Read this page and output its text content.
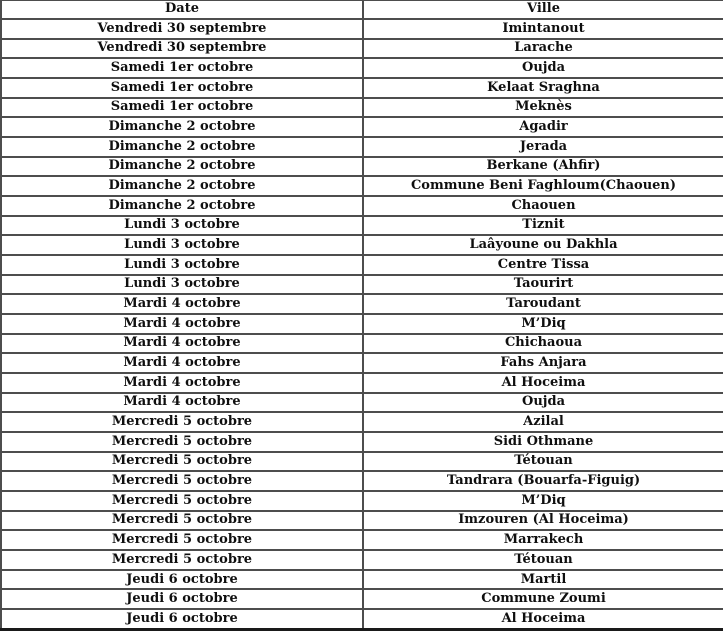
Date	Ville
Vendredi 30 septembre	Imintanout
Vendredi 30 septembre	Larache
Samedi 1er octobre	Oujda
Samedi 1er octobre	Kelaat Sraghna
Samedi 1er octobre	Meknès
Dimanche 2 octobre	Agadir
Dimanche 2 octobre	Jerada
Dimanche 2 octobre	Berkane (Ahfir)
Dimanche 2 octobre	Commune Beni Faghloum(Chaouen)
Dimanche 2 octobre	Chaouen
Lundi 3 octobre	Tiznit
Lundi 3 octobre	Laâyoune ou Dakhla
Lundi 3 octobre	Centre Tissa
Lundi 3 octobre	Taourirt
Mardi 4 octobre	Taroudant
Mardi 4 octobre	M’Diq
Mardi 4 octobre	Chichaoua
Mardi 4 octobre	Fahs Anjara
Mardi 4 octobre	Al Hoceima
Mardi 4 octobre	Oujda
Mercredi 5 octobre	Azilal
Mercredi 5 octobre	Sidi Othmane
Mercredi 5 octobre	Tétouan
Mercredi 5 octobre	Tandrara (Bouarfa-Figuig)
Mercredi 5 octobre	M’Diq
Mercredi 5 octobre	Imzouren (Al Hoceima)
Mercredi 5 octobre	Marrakech
Mercredi 5 octobre	Tétouan
Jeudi 6 octobre	Martil
Jeudi 6 octobre	Commune Zoumi
Jeudi 6 octobre	Al Hoceima
